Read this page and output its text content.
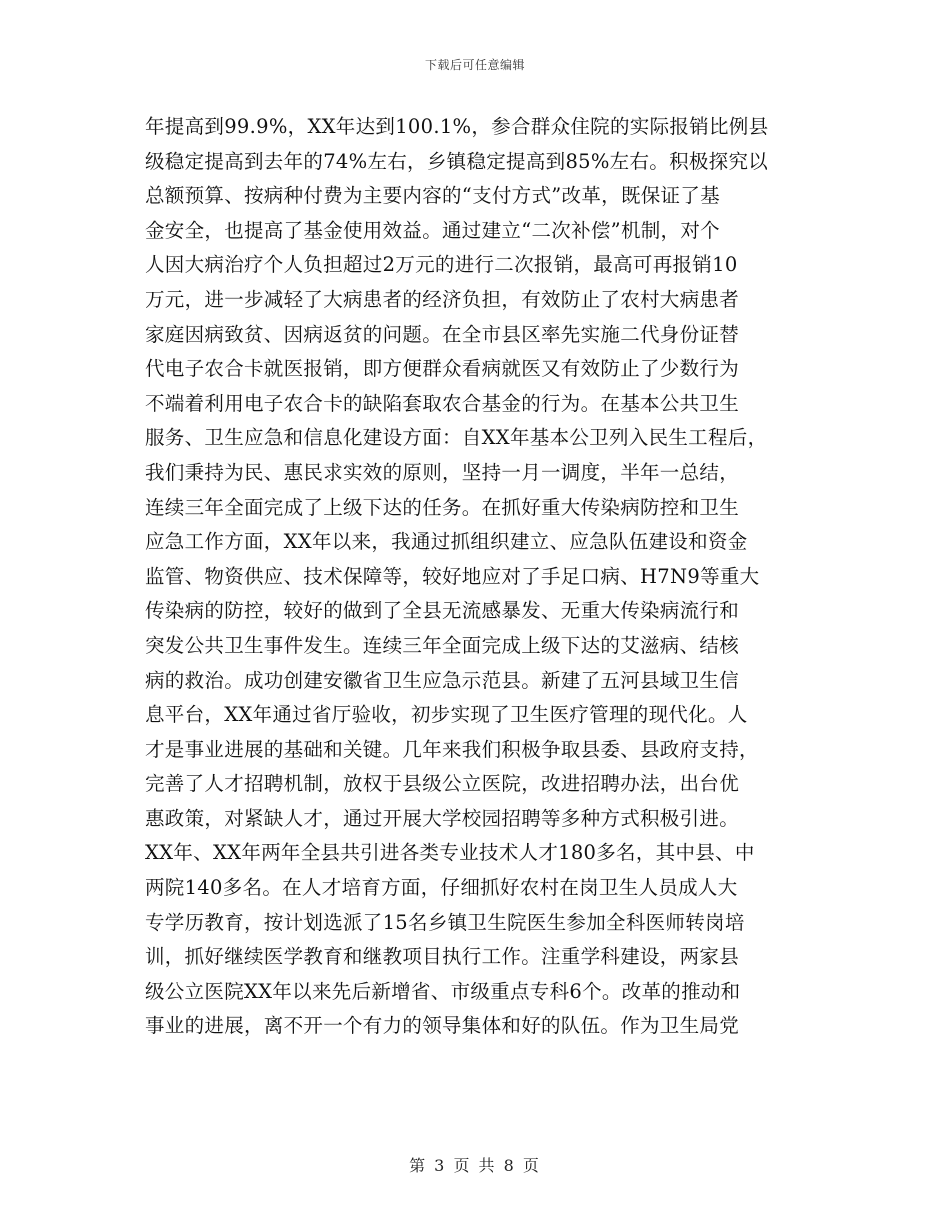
下载后可任意编辑
年提高到99.9%，XX年达到100.1%，参合群众住院的实际报销比例县
级稳定提高到去年的74%左右，乡镇稳定提高到85%左右。积极探究以
总额预算、按病种付费为主要内容的“支付方式”改革，既保证了基
金安全，也提高了基金使用效益。通过建立“二次补偿”机制，对个
人因大病治疗个人负担超过2万元的进行二次报销，最高可再报销10
万元，进一步减轻了大病患者的经济负担，有效防止了农村大病患者
家庭因病致贫、因病返贫的问题。在全市县区率先实施二代身份证替
代电子农合卡就医报销，即方便群众看病就医又有效防止了少数行为
不端着利用电子农合卡的缺陷套取农合基金的行为。在基本公共卫生
服务、卫生应急和信息化建设方面：自XX年基本公卫列入民生工程后，
我们秉持为民、惠民求实效的原则，坚持一月一调度，半年一总结，
连续三年全面完成了上级下达的任务。在抓好重大传染病防控和卫生
应急工作方面，XX年以来，我通过抓组织建立、应急队伍建设和资金
监管、物资供应、技术保障等，较好地应对了手足口病、H7N9等重大
传染病的防控，较好的做到了全县无流感暴发、无重大传染病流行和
突发公共卫生事件发生。连续三年全面完成上级下达的艾滋病、结核
病的救治。成功创建安徽省卫生应急示范县。新建了五河县域卫生信
息平台，XX年通过省厅验收，初步实现了卫生医疗管理的现代化。人
才是事业进展的基础和关键。几年来我们积极争取县委、县政府支持，
完善了人才招聘机制，放权于县级公立医院，改进招聘办法，出台优
惠政策，对紧缺人才，通过开展大学校园招聘等多种方式积极引进。
XX年、XX年两年全县共引进各类专业技术人才180多名，其中县、中
两院140多名。在人才培育方面，仔细抓好农村在岗卫生人员成人大
专学历教育，按计划选派了15名乡镇卫生院医生参加全科医师转岗培
训，抓好继续医学教育和继教项目执行工作。注重学科建设，两家县
级公立医院XX年以来先后新增省、市级重点专科6个。改革的推动和
事业的进展，离不开一个有力的领导集体和好的队伍。作为卫生局党
第 3 页 共 8 页
